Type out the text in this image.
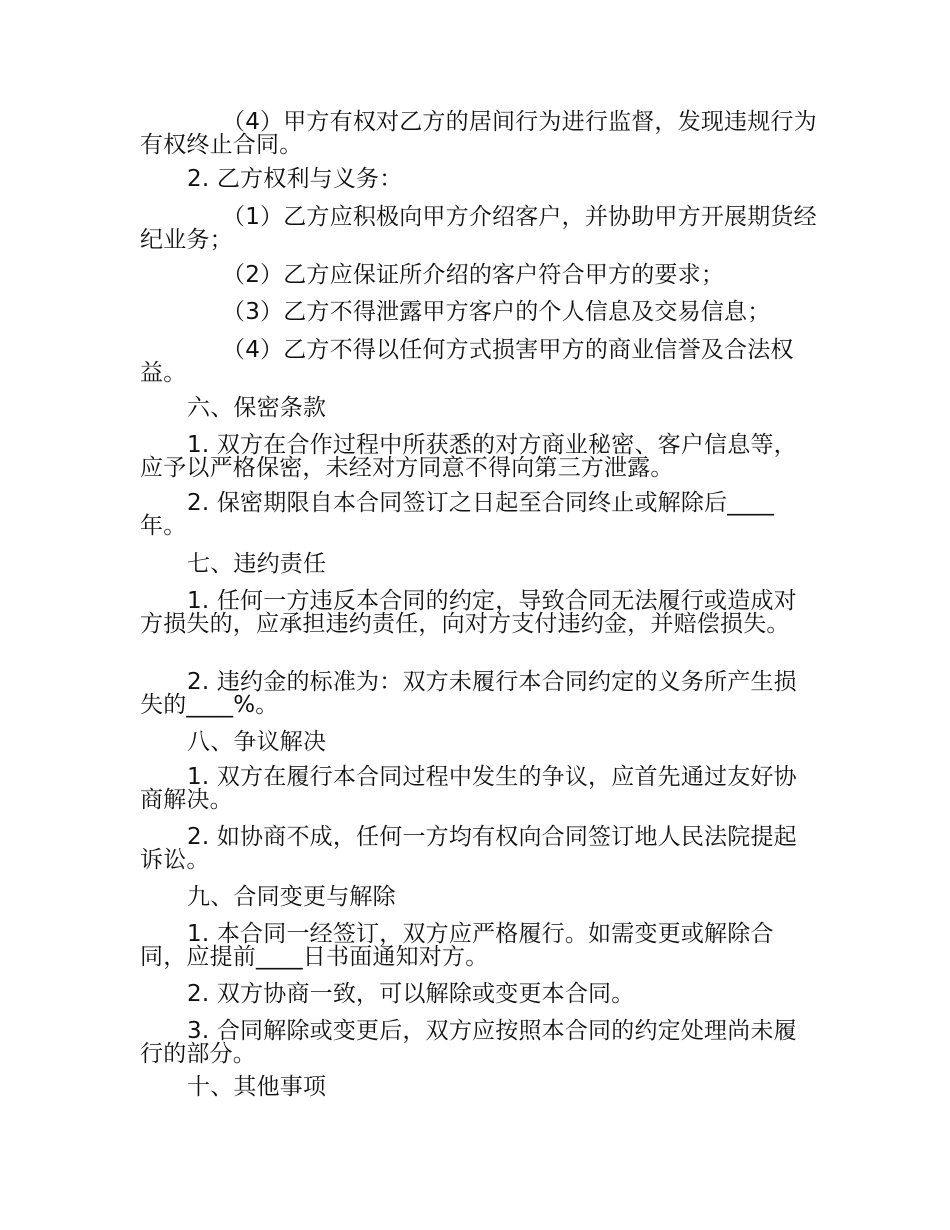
（4）甲方有权对乙方的居间行为进行监督，发现违规行为有权终止合同。
2. 乙方权利与义务：
（1）乙方应积极向甲方介绍客户，并协助甲方开展期货经纪业务；
（2）乙方应保证所介绍的客户符合甲方的要求；
（3）乙方不得泄露甲方客户的个人信息及交易信息；
（4）乙方不得以任何方式损害甲方的商业信誉及合法权益。
六、保密条款
1. 双方在合作过程中所获悉的对方商业秘密、客户信息等，应予以严格保密，未经对方同意不得向第三方泄露。
2. 保密期限自本合同签订之日起至合同终止或解除后____年。
七、违约责任
1. 任何一方违反本合同的约定，导致合同无法履行或造成对方损失的，应承担违约责任，向对方支付违约金，并赔偿损失。
2. 违约金的标准为：双方未履行本合同约定的义务所产生损失的____%。
八、争议解决
1. 双方在履行本合同过程中发生的争议，应首先通过友好协商解决。
2. 如协商不成，任何一方均有权向合同签订地人民法院提起诉讼。
九、合同变更与解除
1. 本合同一经签订，双方应严格履行。如需变更或解除合同，应提前____日书面通知对方。
2. 双方协商一致，可以解除或变更本合同。
3. 合同解除或变更后，双方应按照本合同的约定处理尚未履行的部分。
十、其他事项
